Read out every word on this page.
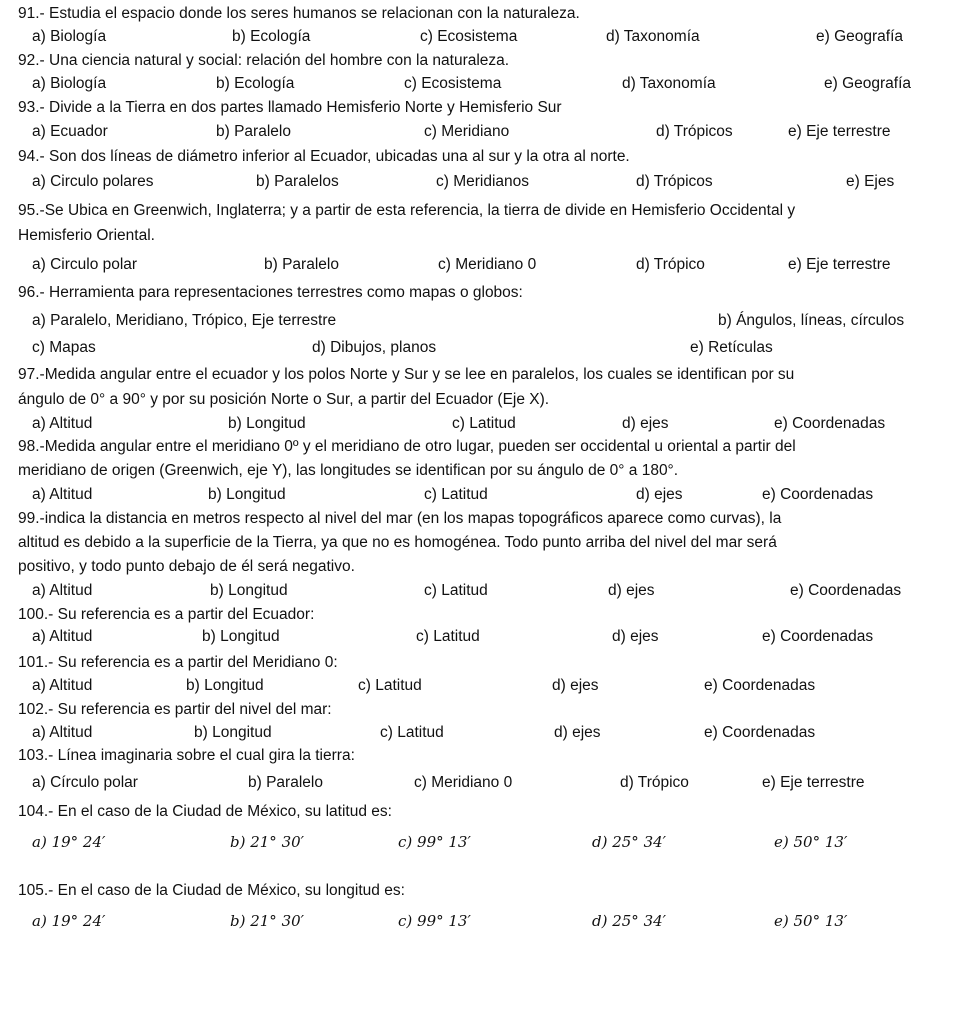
91.- Estudia el espacio donde los seres humanos se relacionan con la naturaleza.
a) Biología	b) Ecología	c) Ecosistema	d) Taxonomía	e) Geografía
92.- Una ciencia natural y social: relación del hombre con la naturaleza.
a) Biología	b) Ecología	c) Ecosistema	d) Taxonomía	e) Geografía
93.- Divide a la Tierra en dos partes llamado Hemisferio Norte y Hemisferio Sur
a) Ecuador	b) Paralelo	c) Meridiano	d) Trópicos	e) Eje terrestre
94.- Son dos líneas de diámetro inferior al Ecuador, ubicadas una al sur y la otra al norte.
a) Circulo polares	b) Paralelos	c) Meridianos	d) Trópicos	e) Ejes
95.-Se Ubica en Greenwich, Inglaterra; y a partir de esta referencia, la tierra de divide en Hemisferio Occidental y
Hemisferio Oriental.
a) Circulo polar	b) Paralelo	c) Meridiano 0	d) Trópico	e) Eje terrestre
96.- Herramienta para representaciones terrestres como mapas o globos:
a) Paralelo, Meridiano, Trópico, Eje terrestre	b) Ángulos, líneas, círculos
c) Mapas	d) Dibujos, planos	e) Retículas
97.-Medida angular entre el ecuador y los polos Norte y Sur y se lee en paralelos, los cuales se identifican por su
ángulo de 0° a 90° y por su posición Norte o Sur, a partir del Ecuador (Eje X).
a) Altitud	b) Longitud	c) Latitud	d) ejes	e) Coordenadas
98.-Medida angular entre el meridiano 0º y el meridiano de otro lugar, pueden ser occidental u oriental a partir del
meridiano de origen (Greenwich, eje Y), las longitudes se identifican por su ángulo de 0° a 180°.
a) Altitud	b) Longitud	c) Latitud	d) ejes	e) Coordenadas
99.-indica la distancia en metros respecto al nivel del mar (en los mapas topográficos aparece como curvas), la
altitud es debido a la superficie de la Tierra, ya que no es homogénea. Todo punto arriba del nivel del mar será
positivo, y todo punto debajo de él será negativo.
a) Altitud	b) Longitud	c) Latitud	d) ejes	e) Coordenadas
100.- Su referencia es a partir del Ecuador:
a) Altitud	b) Longitud	c) Latitud	d) ejes	e) Coordenadas
101.- Su referencia es a partir del Meridiano 0:
a) Altitud	b) Longitud	c) Latitud	d) ejes	e) Coordenadas
102.- Su referencia es partir del nivel del mar:
a) Altitud	b) Longitud	c) Latitud	d) ejes	e) Coordenadas
103.- Línea imaginaria sobre el cual gira la tierra:
a) Círculo polar	b) Paralelo	c) Meridiano 0	d) Trópico	e) Eje terrestre
104.- En el caso de la Ciudad de México, su latitud es:
a) 19° 24′	b) 21° 30′	c) 99° 13′	d) 25° 34′	e) 50° 13′
105.- En el caso de la Ciudad de México, su longitud es:
a) 19° 24′	b) 21° 30′	c) 99° 13′	d) 25° 34′	e) 50° 13′
